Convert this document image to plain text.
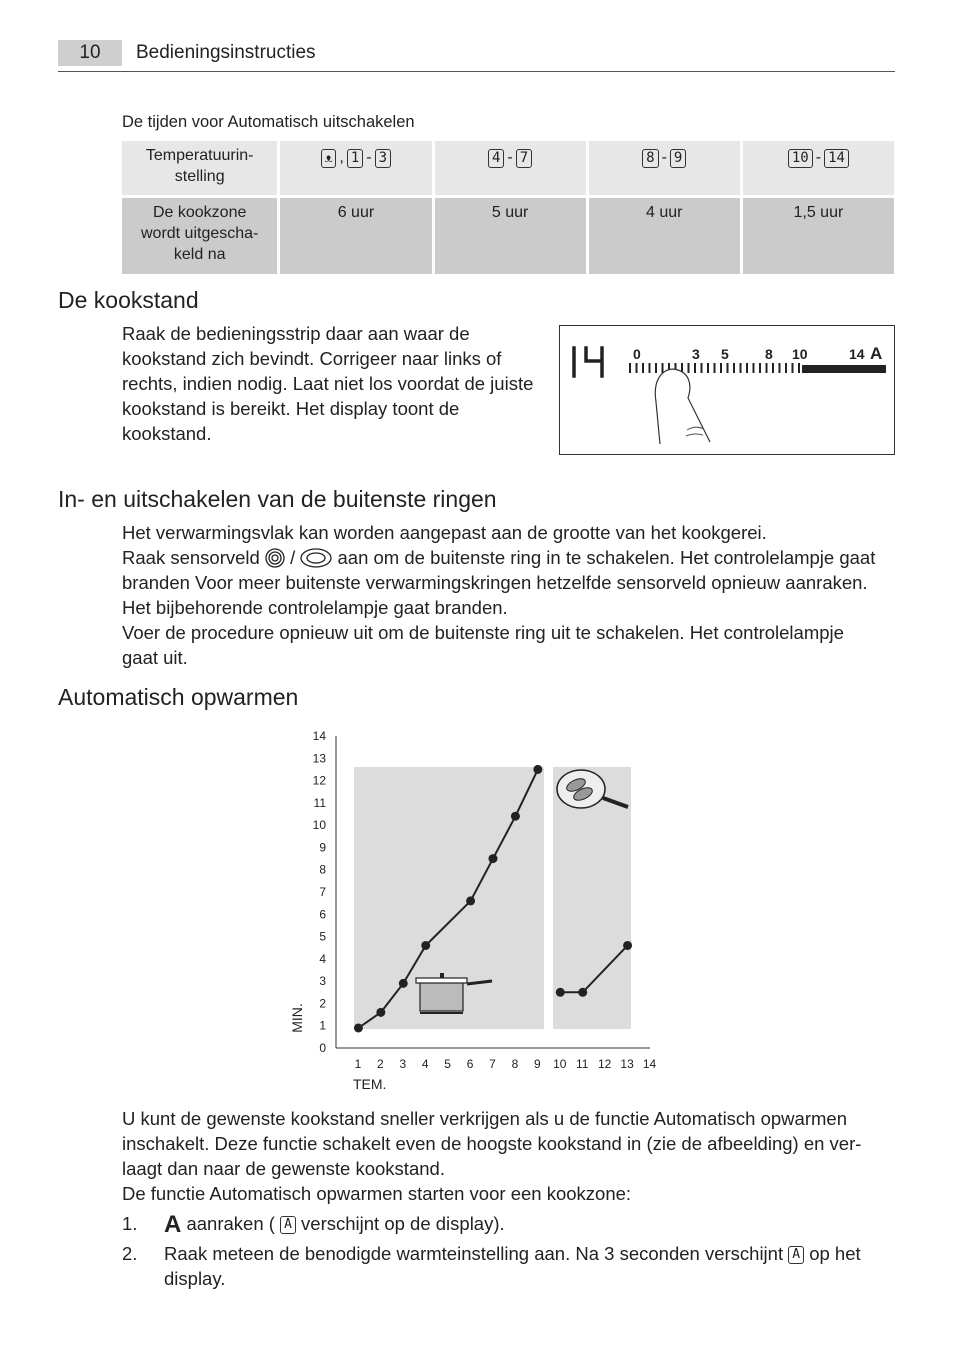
10	Bedieningsinstructies
De tijden voor Automatisch uitschakelen
Temperatuurin-
stelling	ᴥ , 1 - 3	4 - 7	8 - 9	10 - 14
De kookzone
wordt uitgescha-
keld na	6 uur	5 uur	4 uur	1,5 uur
De kookstand
Raak de bedieningsstrip daar aan waar de kookstand zich bevindt. Corrigeer naar links of rechts, indien nodig. Laat niet los voordat de juiste kookstand is bereikt. Het display toont de kookstand.
14	0	3 5	8 10	14 A
In- en uitschakelen van de buitenste ringen
Het verwarmingsvlak kan worden aangepast aan de grootte van het kookgerei.
Raak sensorveld / aan om de buitenste ring in te schakelen. Het controlelampje gaat
branden Voor meer buitenste verwarmingskringen hetzelfde sensorveld opnieuw aanraken.
Het bijbehorende controlelampje gaat branden.
Voer de procedure opnieuw uit om de buitenste ring uit te schakelen. Het controlelampje
gaat uit.
Automatisch opwarmen
0
1
2
3
4
5
6
7
8
9
10
11
12
13
14
1 2 3 4 5 6 7 8 9 10 11 12 13 14
MIN.
TEM.
U kunt de gewenste kookstand sneller verkrijgen als u de functie Automatisch opwarmen
inschakelt. Deze functie schakelt even de hoogste kookstand in (zie de afbeelding) en ver-
laagt dan naar de gewenste kookstand.
De functie Automatisch opwarmen starten voor een kookzone:
1. A aanraken ( A verschijnt op de display).
2. Raak meteen de benodigde warmteinstelling aan. Na 3 seconden verschijnt A op het
display.
